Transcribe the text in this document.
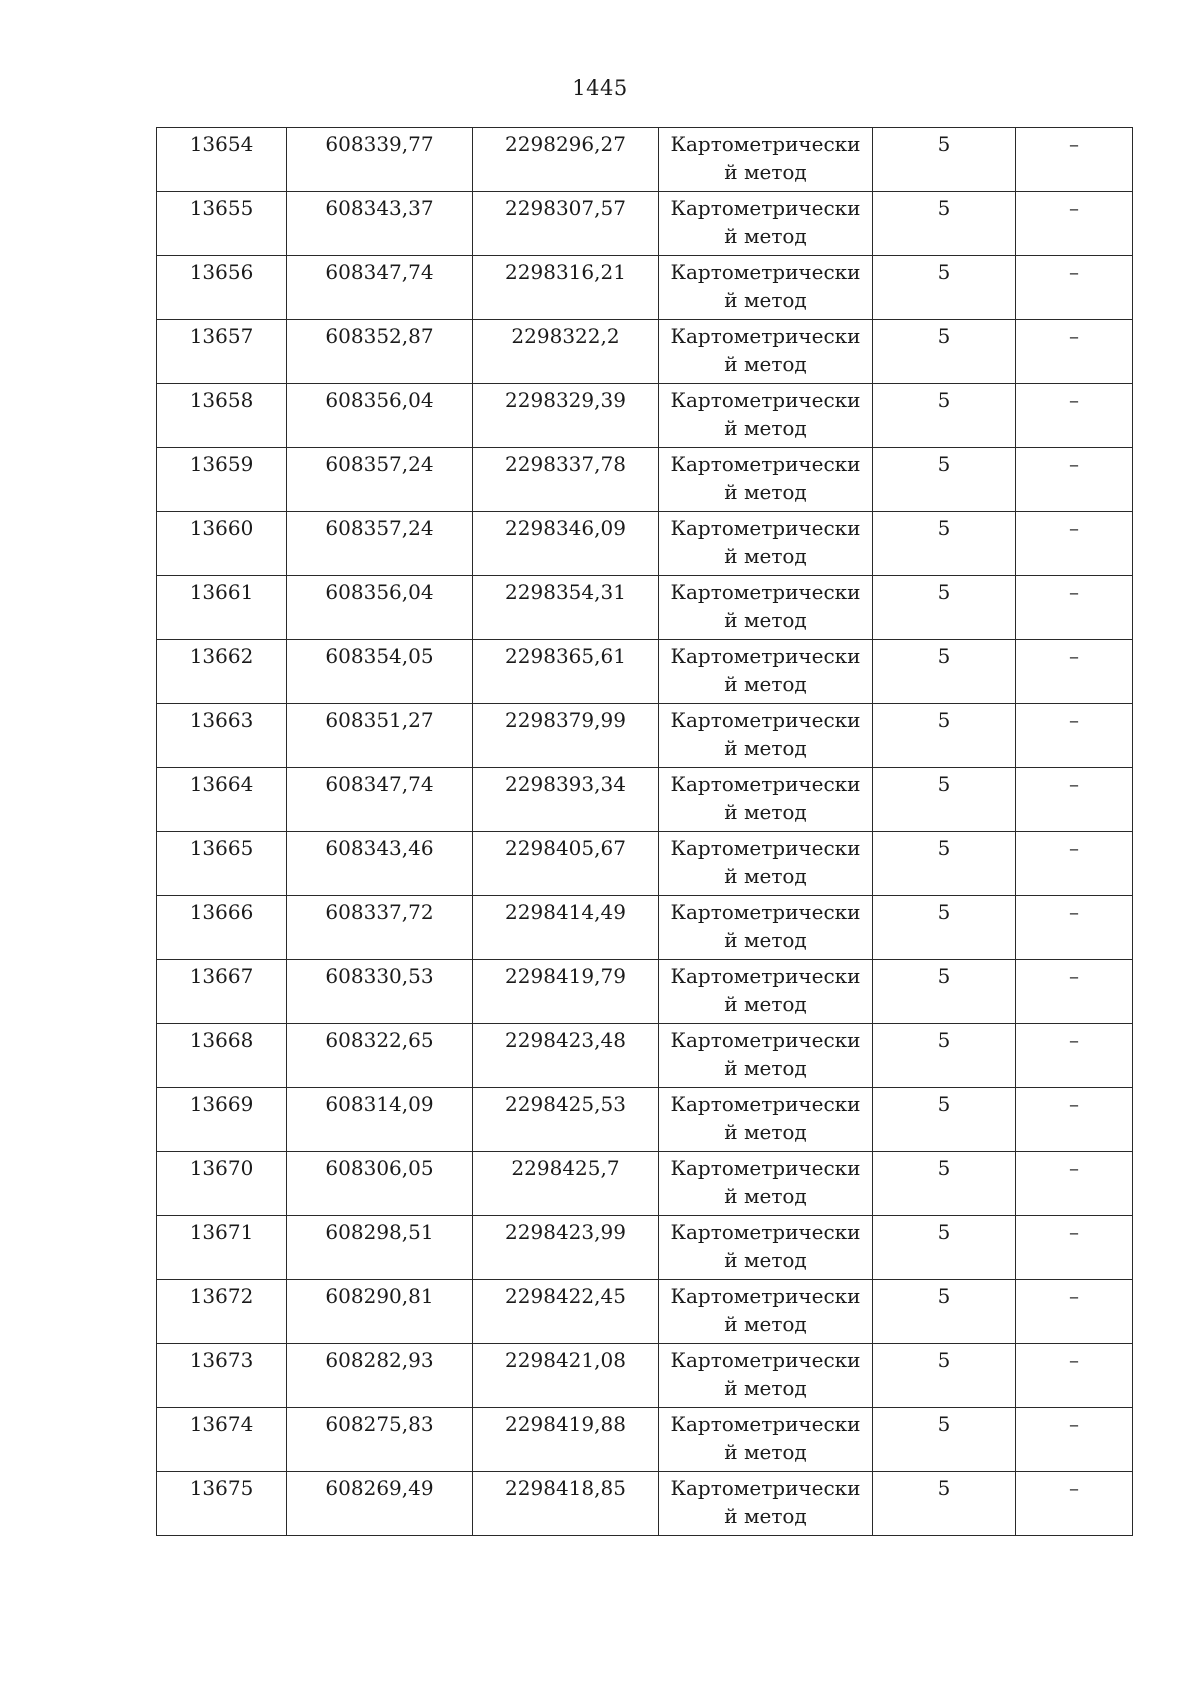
1445
13654	608339,77	2298296,27	Картометрически
й метод	5	–
13655	608343,37	2298307,57	Картометрически
й метод	5	–
13656	608347,74	2298316,21	Картометрически
й метод	5	–
13657	608352,87	2298322,2	Картометрически
й метод	5	–
13658	608356,04	2298329,39	Картометрически
й метод	5	–
13659	608357,24	2298337,78	Картометрически
й метод	5	–
13660	608357,24	2298346,09	Картометрически
й метод	5	–
13661	608356,04	2298354,31	Картометрически
й метод	5	–
13662	608354,05	2298365,61	Картометрически
й метод	5	–
13663	608351,27	2298379,99	Картометрически
й метод	5	–
13664	608347,74	2298393,34	Картометрически
й метод	5	–
13665	608343,46	2298405,67	Картометрически
й метод	5	–
13666	608337,72	2298414,49	Картометрически
й метод	5	–
13667	608330,53	2298419,79	Картометрически
й метод	5	–
13668	608322,65	2298423,48	Картометрически
й метод	5	–
13669	608314,09	2298425,53	Картометрически
й метод	5	–
13670	608306,05	2298425,7	Картометрически
й метод	5	–
13671	608298,51	2298423,99	Картометрически
й метод	5	–
13672	608290,81	2298422,45	Картометрически
й метод	5	–
13673	608282,93	2298421,08	Картометрически
й метод	5	–
13674	608275,83	2298419,88	Картометрически
й метод	5	–
13675	608269,49	2298418,85	Картометрически
й метод	5	–
